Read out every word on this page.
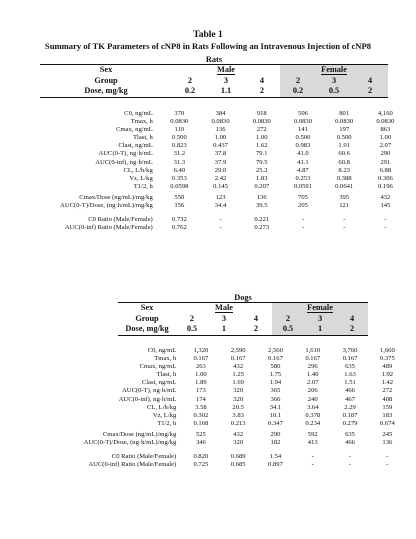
Table 1
Summary of TK Parameters of cNP8 in Rats Following an Intravenous Injection of cNP8
Rats
Sex	Male			Female		
Group	2	3	4	2	3	4
Dose, mg/kg	0.2	1.1	2	0.2	0.5	2
C0, ng/mL	370	384	918	506	801	4,160
Tmax, h	0.0830	0.0830	0.0830	0.0830	0.0830	0.0830
Cmax, ng/mL	110	136	272	141	197	863
Tlast, h	0.500	1.00	1.00	0.500	0.500	1.00
Clast, ng/mL	0.823	0.437	1.62	0.983	1.91	2.07
AUC(0-T), ng·h/mL	31.2	37.8	79.1	41.0	60.6	290
AUC(0-inf), ng·h/mL	31.3	37.9	79.5	41.1	60.8	291
CL, L/h/kg	6.40	29.0	25.2	4.87	8.23	6.88
Vz, L/kg	0.353	2.42	1.83	0.253	0.388	0.306
T1/2, h	0.0598	0.145	0.207	0.0591	0.0641	0.196

Cmax/Dose (ng/mL)/mg/kg	550	123	136	705	395	432
AUC(0-T)/Dose, (ng·h/mL)/mg/kg	156	34.4	39.5	205	121	145

C0 Ratio (Male/Female)	0.732	-	0.221	-	-	-
AUC(0-inf) Ratio (Male/Female)	0.762	-	0.273	-	-	-
Dogs
Sex	Male			Female		
Group	2	3	4	2	3	4
Dose, mg/kg	0.5	1	2	0.5	1	2
C0, ng/mL	1,320	2,590	2,560	1,610	3,760	1,660
Tmax, h	0.167	0.167	0.167	0.167	0.167	0.375
Cmax, ng/mL	263	432	580	296	635	489
Tlast, h	1.00	1.25	1.75	1.40	1.63	1.92
Clast, ng/mL	1.89	1.69	1.94	2.07	1.51	1.42
AUC(0-T), ng·h/mL	173	320	365	206	466	272
AUC(0-inf), ng·h/mL	174	320	366	240	467	408
CL, L/h/kg	3.58	20.5	34.1	3.64	2.29	159
Vz, L/kg	0.302	3.83	10.1	0.378	0.187	183
T1/2, h	0.168	0.213	0.347	0.234	0.279	0.674

Cmax/Dose (ng/mL)/mg/kg	525	432	290	592	635	245
AUC(0-T)/Dose, (ng·h/mL)/mg/kg	346	320	182	413	466	136

C0 Ratio (Male/Female)	0.820	0.689	1.54	-	-	-
AUC(0-inf) Ratio (Male/Female)	0.725	0.685	0.897	-	-	-
